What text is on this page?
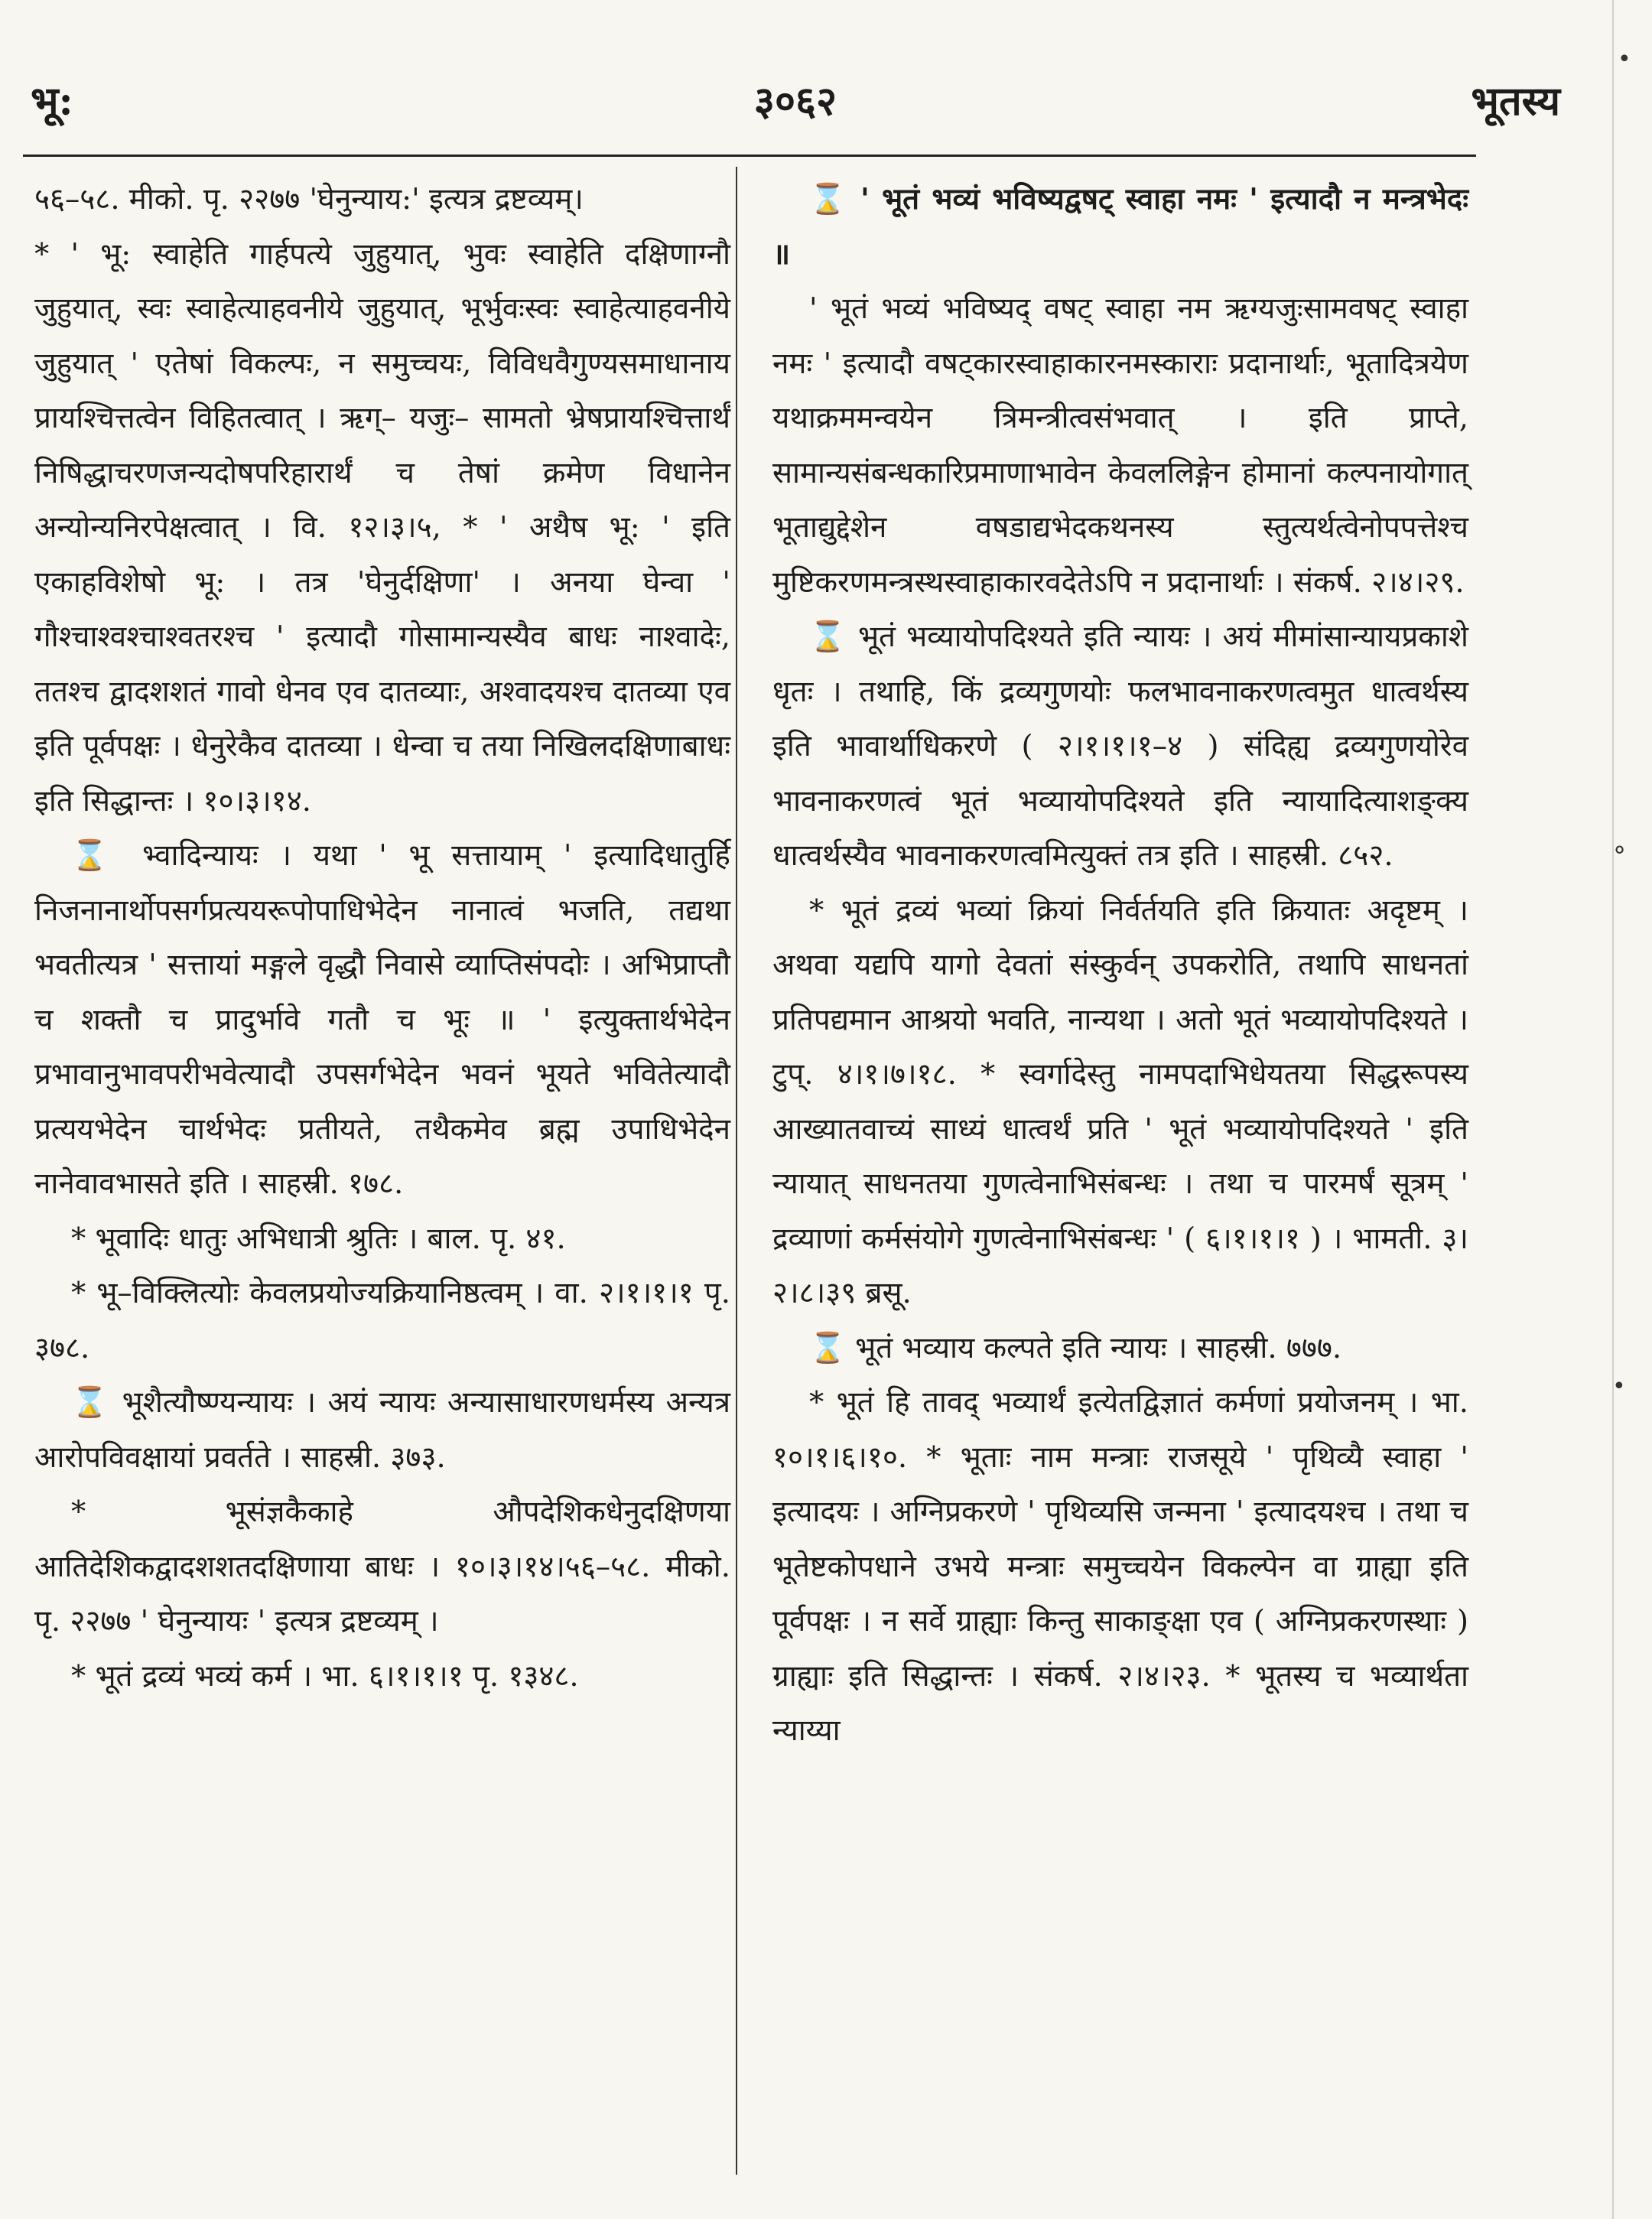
भू:	३०६२	भूतस्य

५६–५८. मीको. पृ. २२७७ 'घेनुन्याय:' इत्यत्र द्रष्टव्यम्।

* ' भू: स्वाहेति गार्हपत्ये जुहुयात्, भुवः स्वाहेति दक्षिणाग्नौ जुहुयात्, स्वः स्वाहेत्याहवनीये जुहुयात्, भूर्भुवःस्वः स्वाहेत्याहवनीये जुहुयात् ' एतेषां विकल्पः, न समुच्चयः, विविधवैगुण्यसमाधानाय प्रायश्चित्तत्वेन विहितत्वात् । ऋग्– यजुः– सामतो भ्रेषप्रायश्चित्तार्थं निषिद्धाचरणजन्यदोषपरिहारार्थं च तेषां क्रमेण विधानेन अन्योन्यनिरपेक्षत्वात् । वि. १२।३।५, * ' अथैष भू: ' इति एकाहविशेषो भू: । तत्र 'घेनुर्दक्षिणा' । अनया घेन्वा ' गौश्चाश्वश्चाश्वतरश्च ' इत्यादौ गोसामान्यस्यैव बाधः नाश्वादेः, ततश्च द्वादशशतं गावो धेनव एव दातव्याः, अश्वादयश्च दातव्या एव इति पूर्वपक्षः । धेनुरेकैव दातव्या । धेन्वा च तया निखिलदक्षिणाबाधः इति सिद्धान्तः । १०।३।१४.

⌛ भ्वादिन्यायः । यथा ' भू सत्तायाम् ' इत्यादिधातुर्हि निजनानार्थोपसर्गप्रत्ययरूपोपाधिभेदेन नानात्वं भजति, तद्यथा भवतीत्यत्र ' सत्तायां मङ्गले वृद्धौ निवासे व्याप्तिसंपदोः । अभिप्राप्तौ च शक्तौ च प्रादुर्भावे गतौ च भूः ॥ ' इत्युक्तार्थभेदेन प्रभावानुभावपरीभवेत्यादौ उपसर्गभेदेन भवनं भूयते भवितेत्यादौ प्रत्ययभेदेन चार्थभेदः प्रतीयते, तथैकमेव ब्रह्म उपाधिभेदेन नानेवावभासते इति । साहस्री. १७८.

* भूवादिः धातुः अभिधात्री श्रुतिः । बाल. पृ. ४१.

* भू–विक्लित्योः केवलप्रयोज्यक्रियानिष्ठत्वम् । वा. २।१।१।१ पृ. ३७८.

⌛ भूशैत्यौष्ण्यन्यायः । अयं न्यायः अन्यासाधारणधर्मस्य अन्यत्र आरोपविवक्षायां प्रवर्तते । साहस्री. ३७३.

* भूसंज्ञकैकाहे औपदेशिकधेनुदक्षिणया आतिदेशिकद्वादशशतदक्षिणाया बाधः । १०।३।१४।५६–५८. मीको. पृ. २२७७ ' घेनुन्यायः ' इत्यत्र द्रष्टव्यम् ।

* भूतं द्रव्यं भव्यं कर्म । भा. ६।१।१।१ पृ. १३४८.

⌛ ' भूतं भव्यं भविष्यद्वषट् स्वाहा नमः ' इत्यादौ न मन्त्रभेदः ॥

' भूतं भव्यं भविष्यद् वषट् स्वाहा नम ऋग्यजुःसामवषट् स्वाहा नमः ' इत्यादौ वषट्कारस्वाहाकारनमस्काराः प्रदानार्थाः, भूतादित्रयेण यथाक्रममन्वयेन त्रिमन्त्रीत्वसंभवात् । इति प्राप्ते, सामान्यसंबन्धकारिप्रमाणाभावेन केवललिङ्गेन होमानां कल्पनायोगात् भूताद्युद्देशेन वषडाद्यभेदकथनस्य स्तुत्यर्थत्वेनोपपत्तेश्च मुष्टिकरणमन्त्रस्थस्वाहाकारवदेतेऽपि न प्रदानार्थाः । संकर्ष. २।४।२९.

⌛ भूतं भव्यायोपदिश्यते इति न्यायः । अयं मीमांसान्यायप्रकाशे धृतः । तथाहि, किं द्रव्यगुणयोः फलभावनाकरणत्वमुत धात्वर्थस्य इति भावार्थाधिकरणे ( २।१।१।१–४ ) संदिह्य द्रव्यगुणयोरेव भावनाकरणत्वं भूतं भव्यायोपदिश्यते इति न्यायादित्याशङ्क्य धात्वर्थस्यैव भावनाकरणत्वमित्युक्तं तत्र इति । साहस्री. ८५२.

* भूतं द्रव्यं भव्यां क्रियां निर्वर्तयति इति क्रियातः अदृष्टम् । अथवा यद्यपि यागो देवतां संस्कुर्वन् उपकरोति, तथापि साधनतां प्रतिपद्यमान आश्रयो भवति, नान्यथा । अतो भूतं भव्यायोपदिश्यते । टुप्. ४।१।७।१८. * स्वर्गादेस्तु नामपदाभिधेयतया सिद्धरूपस्य आख्यातवाच्यं साध्यं धात्वर्थं प्रति ' भूतं भव्यायोपदिश्यते ' इति न्यायात् साधनतया गुणत्वेनाभिसंबन्धः । तथा च पारमर्षं सूत्रम् ' द्रव्याणां कर्मसंयोगे गुणत्वेनाभिसंबन्धः ' ( ६।१।१।१ ) । भामती. ३।२।८।३९ ब्रसू.

⌛ भूतं भव्याय कल्पते इति न्यायः । साहस्री. ७७७.

* भूतं हि तावद् भव्यार्थं इत्येतद्विज्ञातं कर्मणां प्रयोजनम् । भा. १०।१।६।१०. * भूताः नाम मन्त्राः राजसूये ' पृथिव्यै स्वाहा ' इत्यादयः । अग्निप्रकरणे ' पृथिव्यसि जन्मना ' इत्यादयश्च । तथा च भूतेष्टकोपधाने उभये मन्त्राः समुच्चयेन विकल्पेन वा ग्राह्या इति पूर्वपक्षः । न सर्वे ग्राह्याः किन्तु साकाङ्क्षा एव ( अग्निप्रकरणस्थाः ) ग्राह्याः इति सिद्धान्तः । संकर्ष. २।४।२३. * भूतस्य च भव्यार्थता न्याय्या

•
⚬
•
